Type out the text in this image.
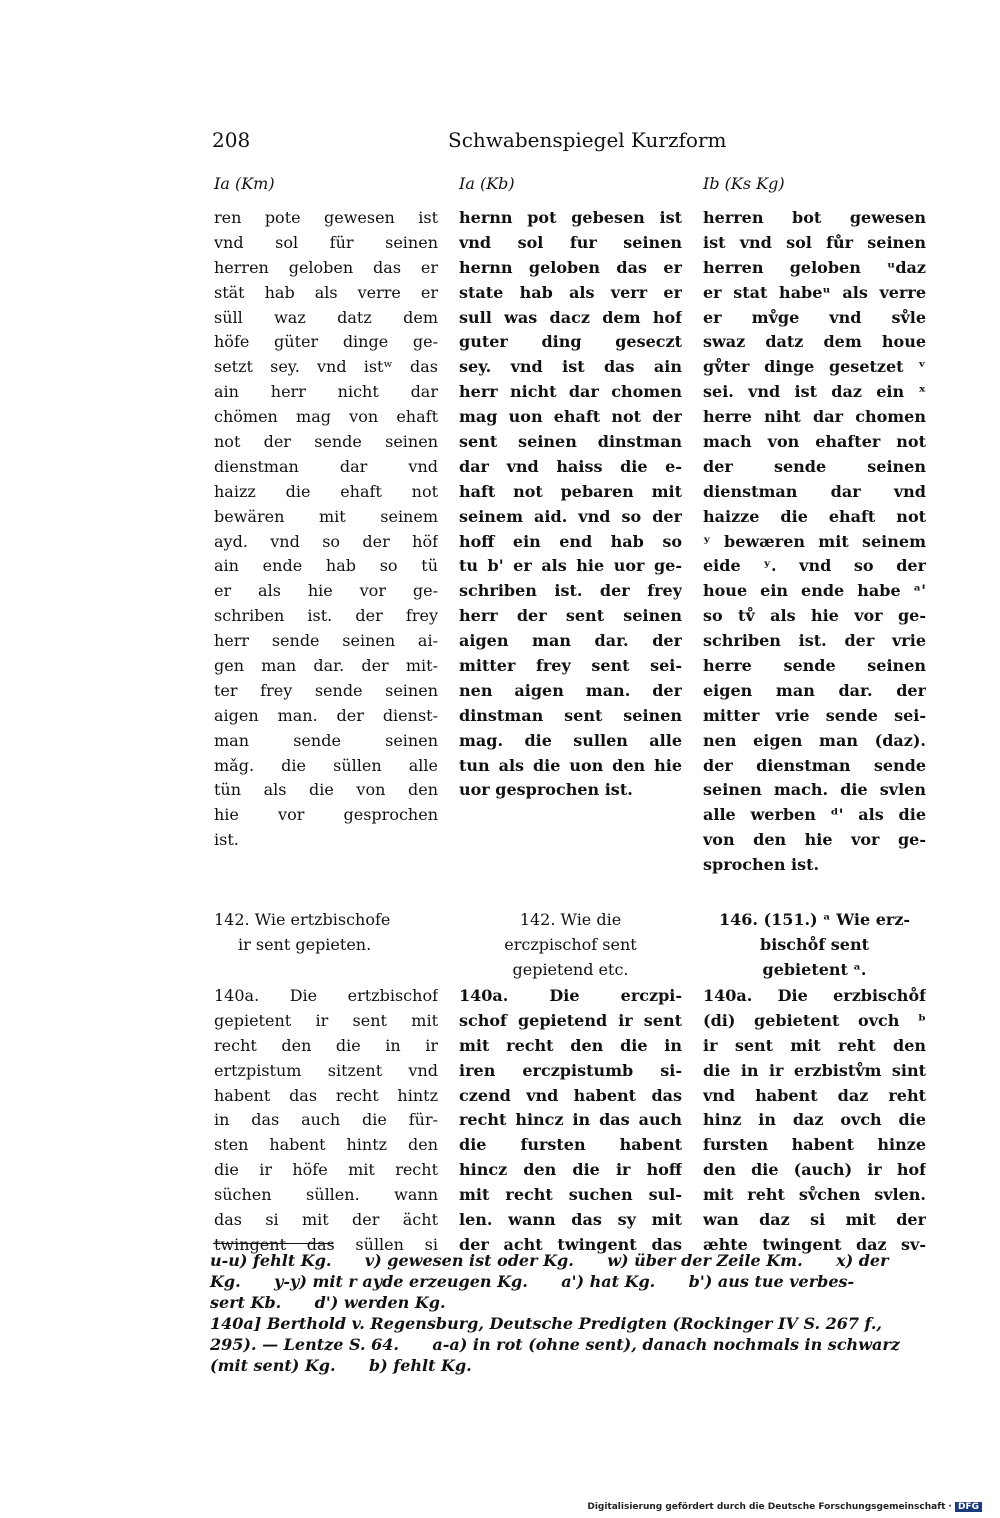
208	Schwabenspiegel Kurzform
Ia (Km)
ren pote gewesen ist
vnd sol für seinen
herren geloben das er
stät hab als verre er
süll waz datz dem
höfe güter dinge ge-
setzt sey. vnd istʷ das
ain herr nicht dar
chömen mag von ehaft
not der sende seinen
dienstman dar vnd
haizz die ehaft not
bewären mit seinem
ayd. vnd so der höf
ain ende hab so tü
er als hie vor ge-
schriben ist. der frey
herr sende seinen ai-
gen man dar. der mit-
ter frey sende seinen
aigen man. der dienst-
man sende seinen
mǎg. die süllen alle
tün als die von den
hie vor gesprochen
ist.
142. Wie ertzbischofe
ir sent gepieten.
140a. Die ertzbischof
gepietent ir sent mit
recht den die in ir
ertzpistum sitzent vnd
habent das recht hintz
in das auch die für-
sten habent hintz den
die ir höfe mit recht
süchen süllen. wann
das si mit der ächt
twingent das süllen si
Ia (Kb)
hernn pot gebesen ist
vnd sol fur seinen
hernn geloben das er
state hab als verr er
sull was dacz dem hof
guter ding geseczt
sey. vnd ist das ain
herr nicht dar chomen
mag uon ehaft not der
sent seinen dinstman
dar vnd haiss die e-
haft not pebaren mit
seinem aid. vnd so der
hoff ein end hab so
tu b' er als hie uor ge-
schriben ist. der frey
herr der sent seinen
aigen man dar. der
mitter frey sent sei-
nen aigen man. der
dinstman sent seinen
mag. die sullen alle
tun als die uon den hie
uor gesprochen ist.
142. Wie die
erczpischof sent
gepietend etc.
140a. Die erczpi-
schof gepietend ir sent
mit recht den die in
iren erczpistumb si-
czend vnd habent das
recht hincz in das auch
die fursten habent
hincz den die ir hoff
mit recht suchen sul-
len. wann das sy mit
der acht twingent das
Ib (Ks Kg)
herren bot gewesen
ist vnd sol fůr seinen
herren geloben ᵘdaz
er stat habeᵘ als verre
er mv̊ge vnd sv̊le
swaz datz dem houe
gv̊ter dinge gesetzet ᵛ
sei. vnd ist daz ein ˣ
herre niht dar chomen
mach von ehafter not
der sende seinen
dienstman dar vnd
haizze die ehaft not
ʸ bewæren mit seinem
eide ʸ. vnd so der
houe ein ende habe ᵃ'
so tv̊ als hie vor ge-
schriben ist. der vrie
herre sende seinen
eigen man dar. der
mitter vrie sende sei-
nen eigen man (daz).
der dienstman sende
seinen mach. die svlen
alle werben ᵈ' als die
von den hie vor ge-
sprochen ist.
146. (151.) ᵃ Wie erz-
bischo̊f sent
gebietent ᵃ.
140a. Die erzbischo̊f
(di) gebietent ovch ᵇ
ir sent mit reht den
die in ir erzbistv̊m sint
vnd habent daz reht
hinz in daz ovch die
fursten habent hinze
den die (auch) ir hof
mit reht sv̊chen svlen.
wan daz si mit der
æhte twingent daz sv-
u-u) fehlt Kg.      v) gewesen ist oder Kg.      w) über der Zeile Km.      x) der
Kg.      y-y) mit r ayde erzeugen Kg.      a') hat Kg.      b') aus tue verbes-
sert Kb.      d') werden Kg.
140a] Berthold v. Regensburg, Deutsche Predigten (Rockinger IV S. 267 f.,
295). — Lentze S. 64.      a-a) in rot (ohne sent), danach nochmals in schwarz
(mit sent) Kg.      b) fehlt Kg.
Digitalisierung gefördert durch die Deutsche Forschungsgemeinschaft · DFG
